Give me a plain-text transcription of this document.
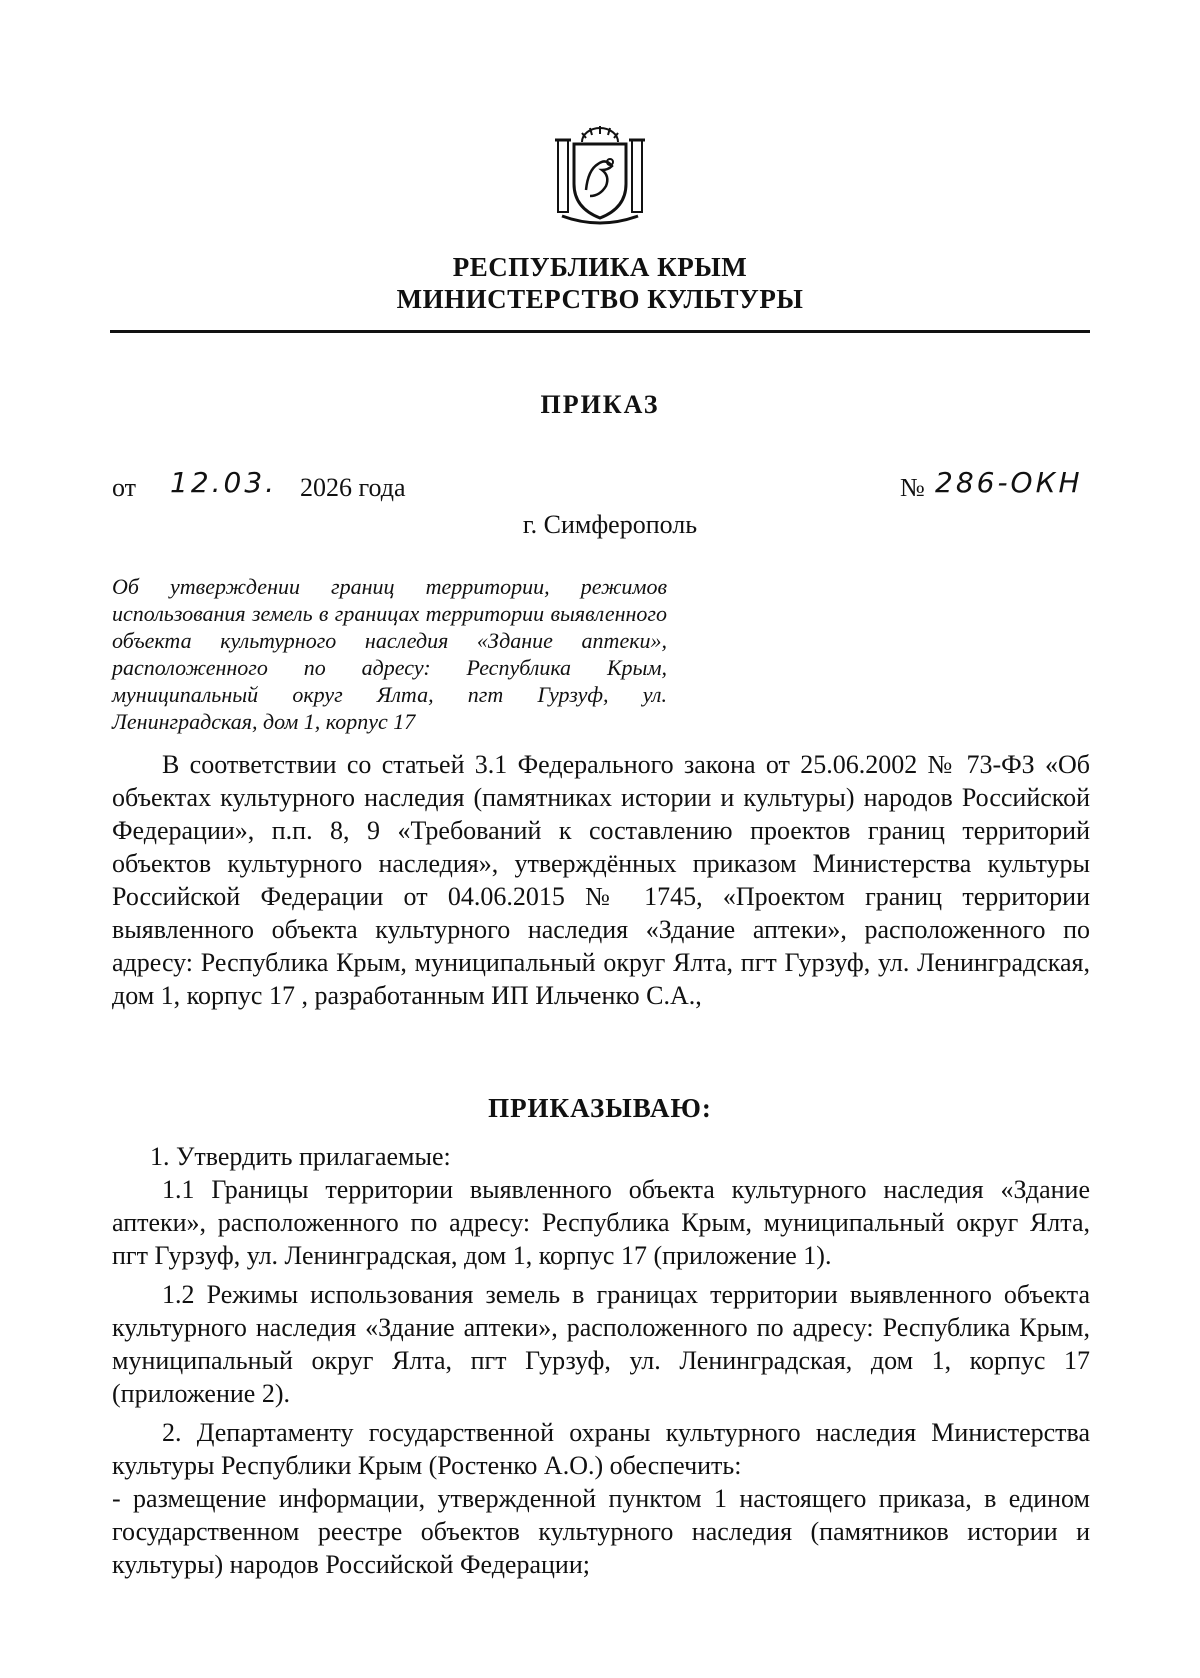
РЕСПУБЛИКА КРЫМ
МИНИСТЕРСТВО КУЛЬТУРЫ
ПРИКАЗ
от 12.03. 2026 года	№ 286-ОКН
г. Симферополь
Об утверждении границ территории, режимов использования земель в границах территории выявленного объекта культурного наследия «Здание аптеки», расположенного по адресу: Республика Крым, муниципальный округ Ялта, пгт Гурзуф, ул. Ленинградская, дом 1, корпус 17
В соответствии со статьей 3.1 Федерального закона от 25.06.2002 № 73-ФЗ «Об объектах культурного наследия (памятниках истории и культуры) народов Российской Федерации», п.п. 8, 9 «Требований к составлению проектов границ территорий объектов культурного наследия», утверждённых приказом Министерства культуры Российской Федерации от 04.06.2015 № 1745, «Проектом границ территории выявленного объекта культурного наследия «Здание аптеки», расположенного по адресу: Республика Крым, муниципальный округ Ялта, пгт Гурзуф, ул. Ленинградская, дом 1, корпус 17 , разработанным ИП Ильченко С.А.,
ПРИКАЗЫВАЮ:

1. Утвердить прилагаемые:

1.1 Границы территории выявленного объекта культурного наследия «Здание аптеки», расположенного по адресу: Республика Крым, муниципальный округ Ялта, пгт Гурзуф, ул. Ленинградская, дом 1, корпус 17 (приложение 1).

1.2 Режимы использования земель в границах территории выявленного объекта культурного наследия «Здание аптеки», расположенного по адресу: Республика Крым, муниципальный округ Ялта, пгт Гурзуф, ул. Ленинградская, дом 1, корпус 17 (приложение 2).

2. Департаменту государственной охраны культурного наследия Министерства культуры Республики Крым (Ростенко А.О.) обеспечить:

- размещение информации, утвержденной пунктом 1 настоящего приказа, в едином государственном реестре объектов культурного наследия (памятников истории и культуры) народов Российской Федерации;
